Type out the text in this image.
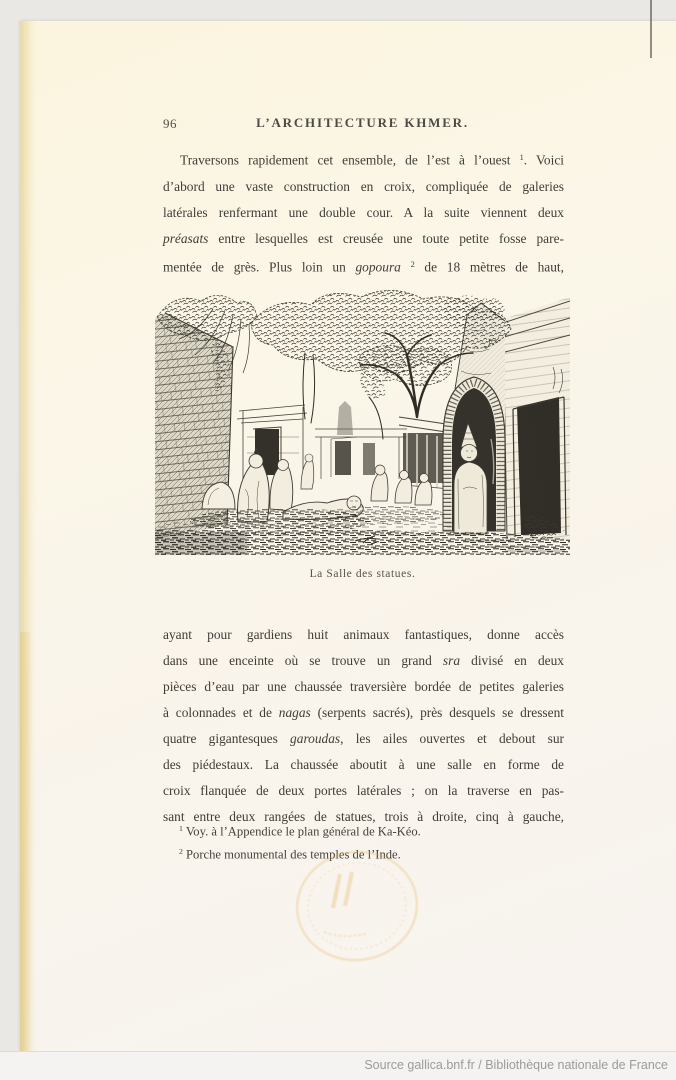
96	L’ARCHITECTURE KHMER.
Traversons rapidement cet ensemble, de l’est à l’ouest $^1$. Voici
d’abord une vaste construction en croix, compliquée de galeries
latérales renfermant une double cour. A la suite viennent deux
préasats entre lesquelles est creusée une toute petite fosse pare-
mentée de grès. Plus loin un gopoura $^2$ de 18 mètres de haut,
La Salle des statues.
ayant pour gardiens huit animaux fantastiques, donne accès
dans une enceinte où se trouve un grand sra divisé en deux
pièces d’eau par une chaussée traversière bordée de petites galeries
à colonnades et de nagas (serpents sacrés), près desquels se dressent
quatre gigantesques garoudas, les ailes ouvertes et debout sur
des piédestaux. La chaussée aboutit à une salle en forme de
croix flanquée de deux portes latérales ; on la traverse en pas-
sant entre deux rangées de statues, trois à droite, cinq à gauche,
$^1$ Voy. à l’Appendice le plan général de Ka-Kéo.
$^2$ Porche monumental des temples de l’Inde.
Source gallica.bnf.fr / Bibliothèque nationale de France
